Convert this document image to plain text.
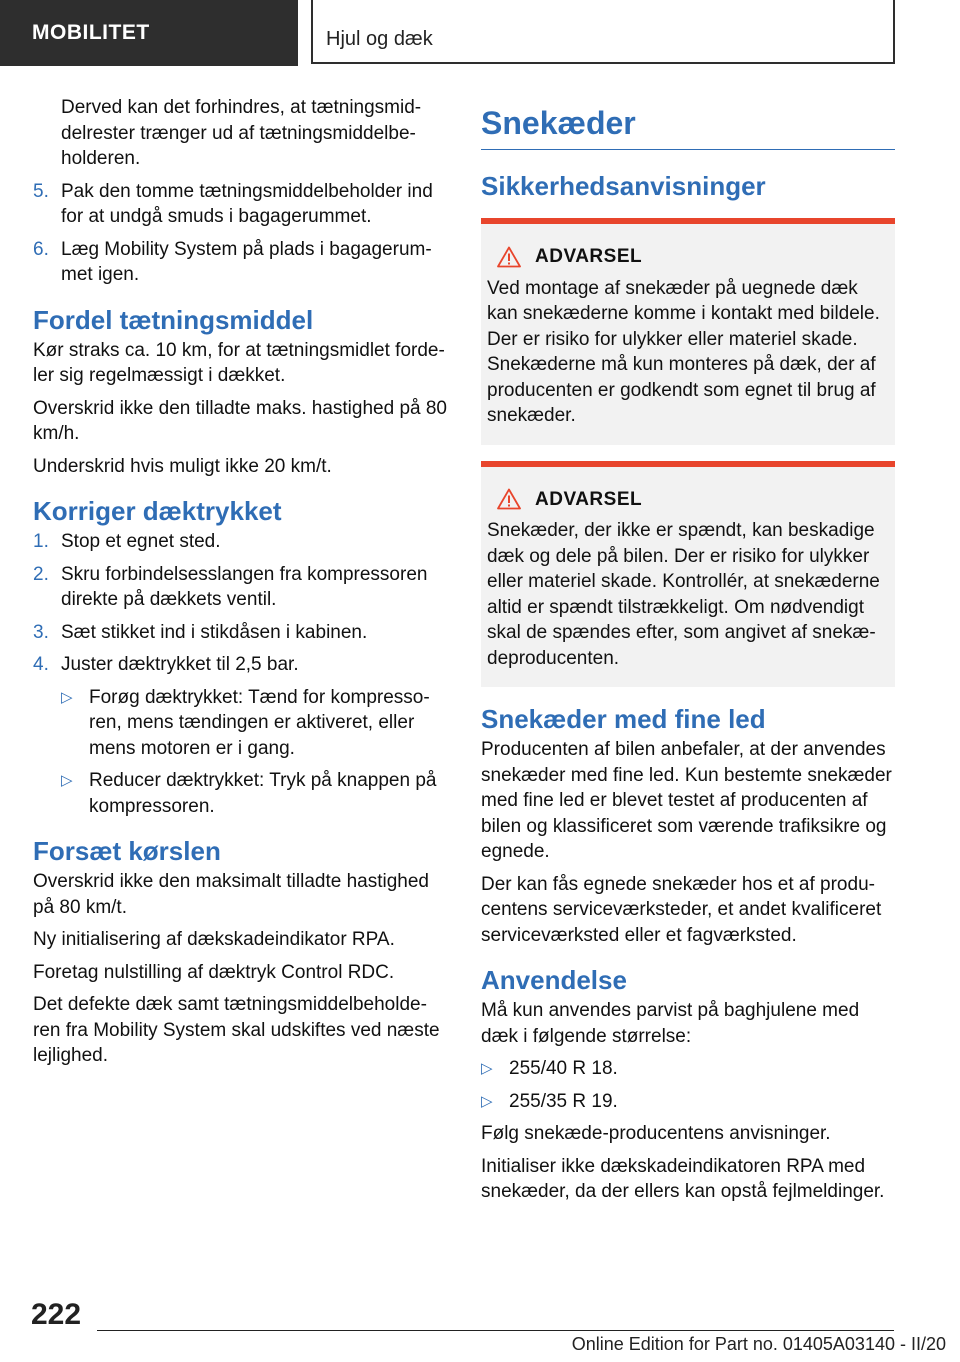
MOBILITET	Hjul og dæk

Derved kan det forhindres, at tætningsmiddelrester trænger ud af tætningsmiddelbeholderen.

5. Pak den tomme tætningsmiddelbeholder ind for at undgå smuds i bagagerummet.
6. Læg Mobility System på plads i bagagerummet igen.
Fordel tætningsmiddel

Kør straks ca. 10 km, for at tætningsmidlet fordeler sig regelmæssigt i dækket.

Overskrid ikke den tilladte maks. hastighed på 80 km/h.

Underskrid hvis muligt ikke 20 km/t.

Korriger dæktrykket
1. Stop et egnet sted.
2. Skru forbindelsesslangen fra kompressoren direkte på dækkets ventil.
3. Sæt stikket ind i stikdåsen i kabinen.
4. Juster dæktrykket til 2,5 bar.
▷ Forøg dæktrykket: Tænd for kompressoren, mens tændingen er aktiveret, eller mens motoren er i gang.
▷ Reducer dæktrykket: Tryk på knappen på kompressoren.
Forsæt kørslen

Overskrid ikke den maksimalt tilladte hastighed på 80 km/t.

Ny initialisering af dækskadeindikator RPA.

Foretag nulstilling af dæktryk Control RDC.

Det defekte dæk samt tætningsmiddelbeholderen fra Mobility System skal udskiftes ved næste lejlighed.

Snekæder
Sikkerhedsanvisninger
ADVARSEL

Ved montage af snekæder på uegnede dæk kan snekæderne komme i kontakt med bildele. Der er risiko for ulykker eller materiel skade. Snekæderne må kun monteres på dæk, der af producenten er godkendt som egnet til brug af snekæder.

ADVARSEL

Snekæder, der ikke er spændt, kan beskadige dæk og dele på bilen. Der er risiko for ulykker eller materiel skade. Kontrollér, at snekæderne altid er spændt tilstrækkeligt. Om nødvendigt skal de spændes efter, som angivet af snekædeproducenten.

Snekæder med fine led

Producenten af bilen anbefaler, at der anvendes snekæder med fine led. Kun bestemte snekæder med fine led er blevet testet af producenten af bilen og klassificeret som værende trafiksikre og egnede.

Der kan fås egnede snekæder hos et af producentens serviceværksteder, et andet kvalificeret serviceværksted eller et fagværksted.

Anvendelse

Må kun anvendes parvist på baghjulene med dæk i følgende størrelse:

▷ 255/40 R 18.
▷ 255/35 R 19.

Følg snekæde-producentens anvisninger.

Initialiser ikke dækskadeindikatoren RPA med snekæder, da der ellers kan opstå fejlmeldinger.

222
Online Edition for Part no. 01405A03140 - II/20
